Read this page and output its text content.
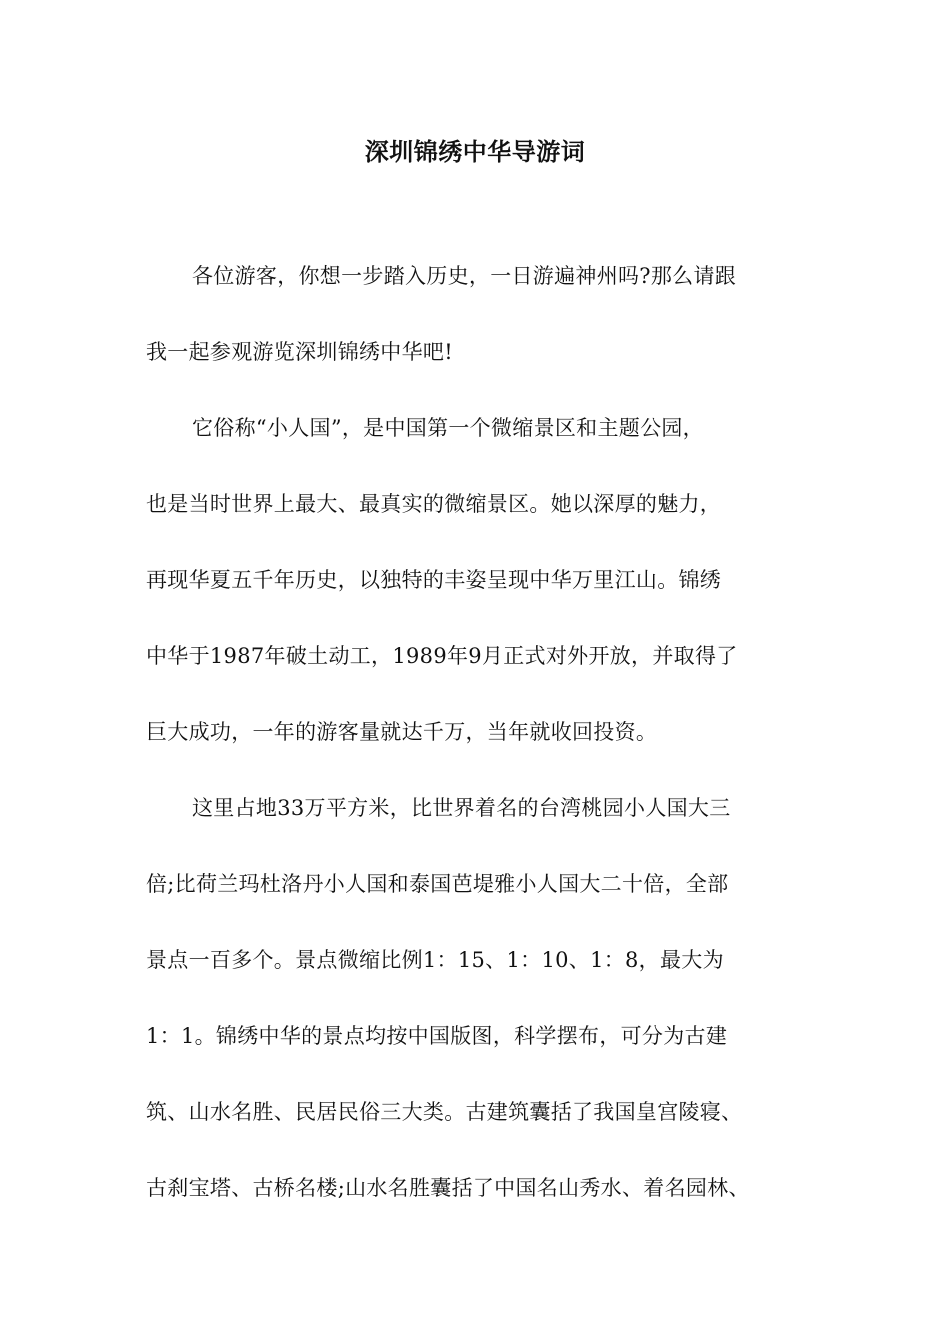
深圳锦绣中华导游词
各位游客，你想一步踏入历史，一日游遍神州吗?那么请跟
我一起参观游览深圳锦绣中华吧!
它俗称“小人国”，是中国第一个微缩景区和主题公园，
也是当时世界上最大、最真实的微缩景区。她以深厚的魅力，
再现华夏五千年历史，以独特的丰姿呈现中华万里江山。锦绣
中华于1987年破土动工，1989年9月正式对外开放，并取得了
巨大成功，一年的游客量就达千万，当年就收回投资。
这里占地33万平方米，比世界着名的台湾桃园小人国大三
倍;比荷兰玛杜洛丹小人国和泰国芭堤雅小人国大二十倍，全部
景点一百多个。景点微缩比例1：15、1：10、1：8，最大为
1：1。锦绣中华的景点均按中国版图，科学摆布，可分为古建
筑、山水名胜、民居民俗三大类。古建筑囊括了我国皇宫陵寝、
古刹宝塔、古桥名楼;山水名胜囊括了中国名山秀水、着名园林、
